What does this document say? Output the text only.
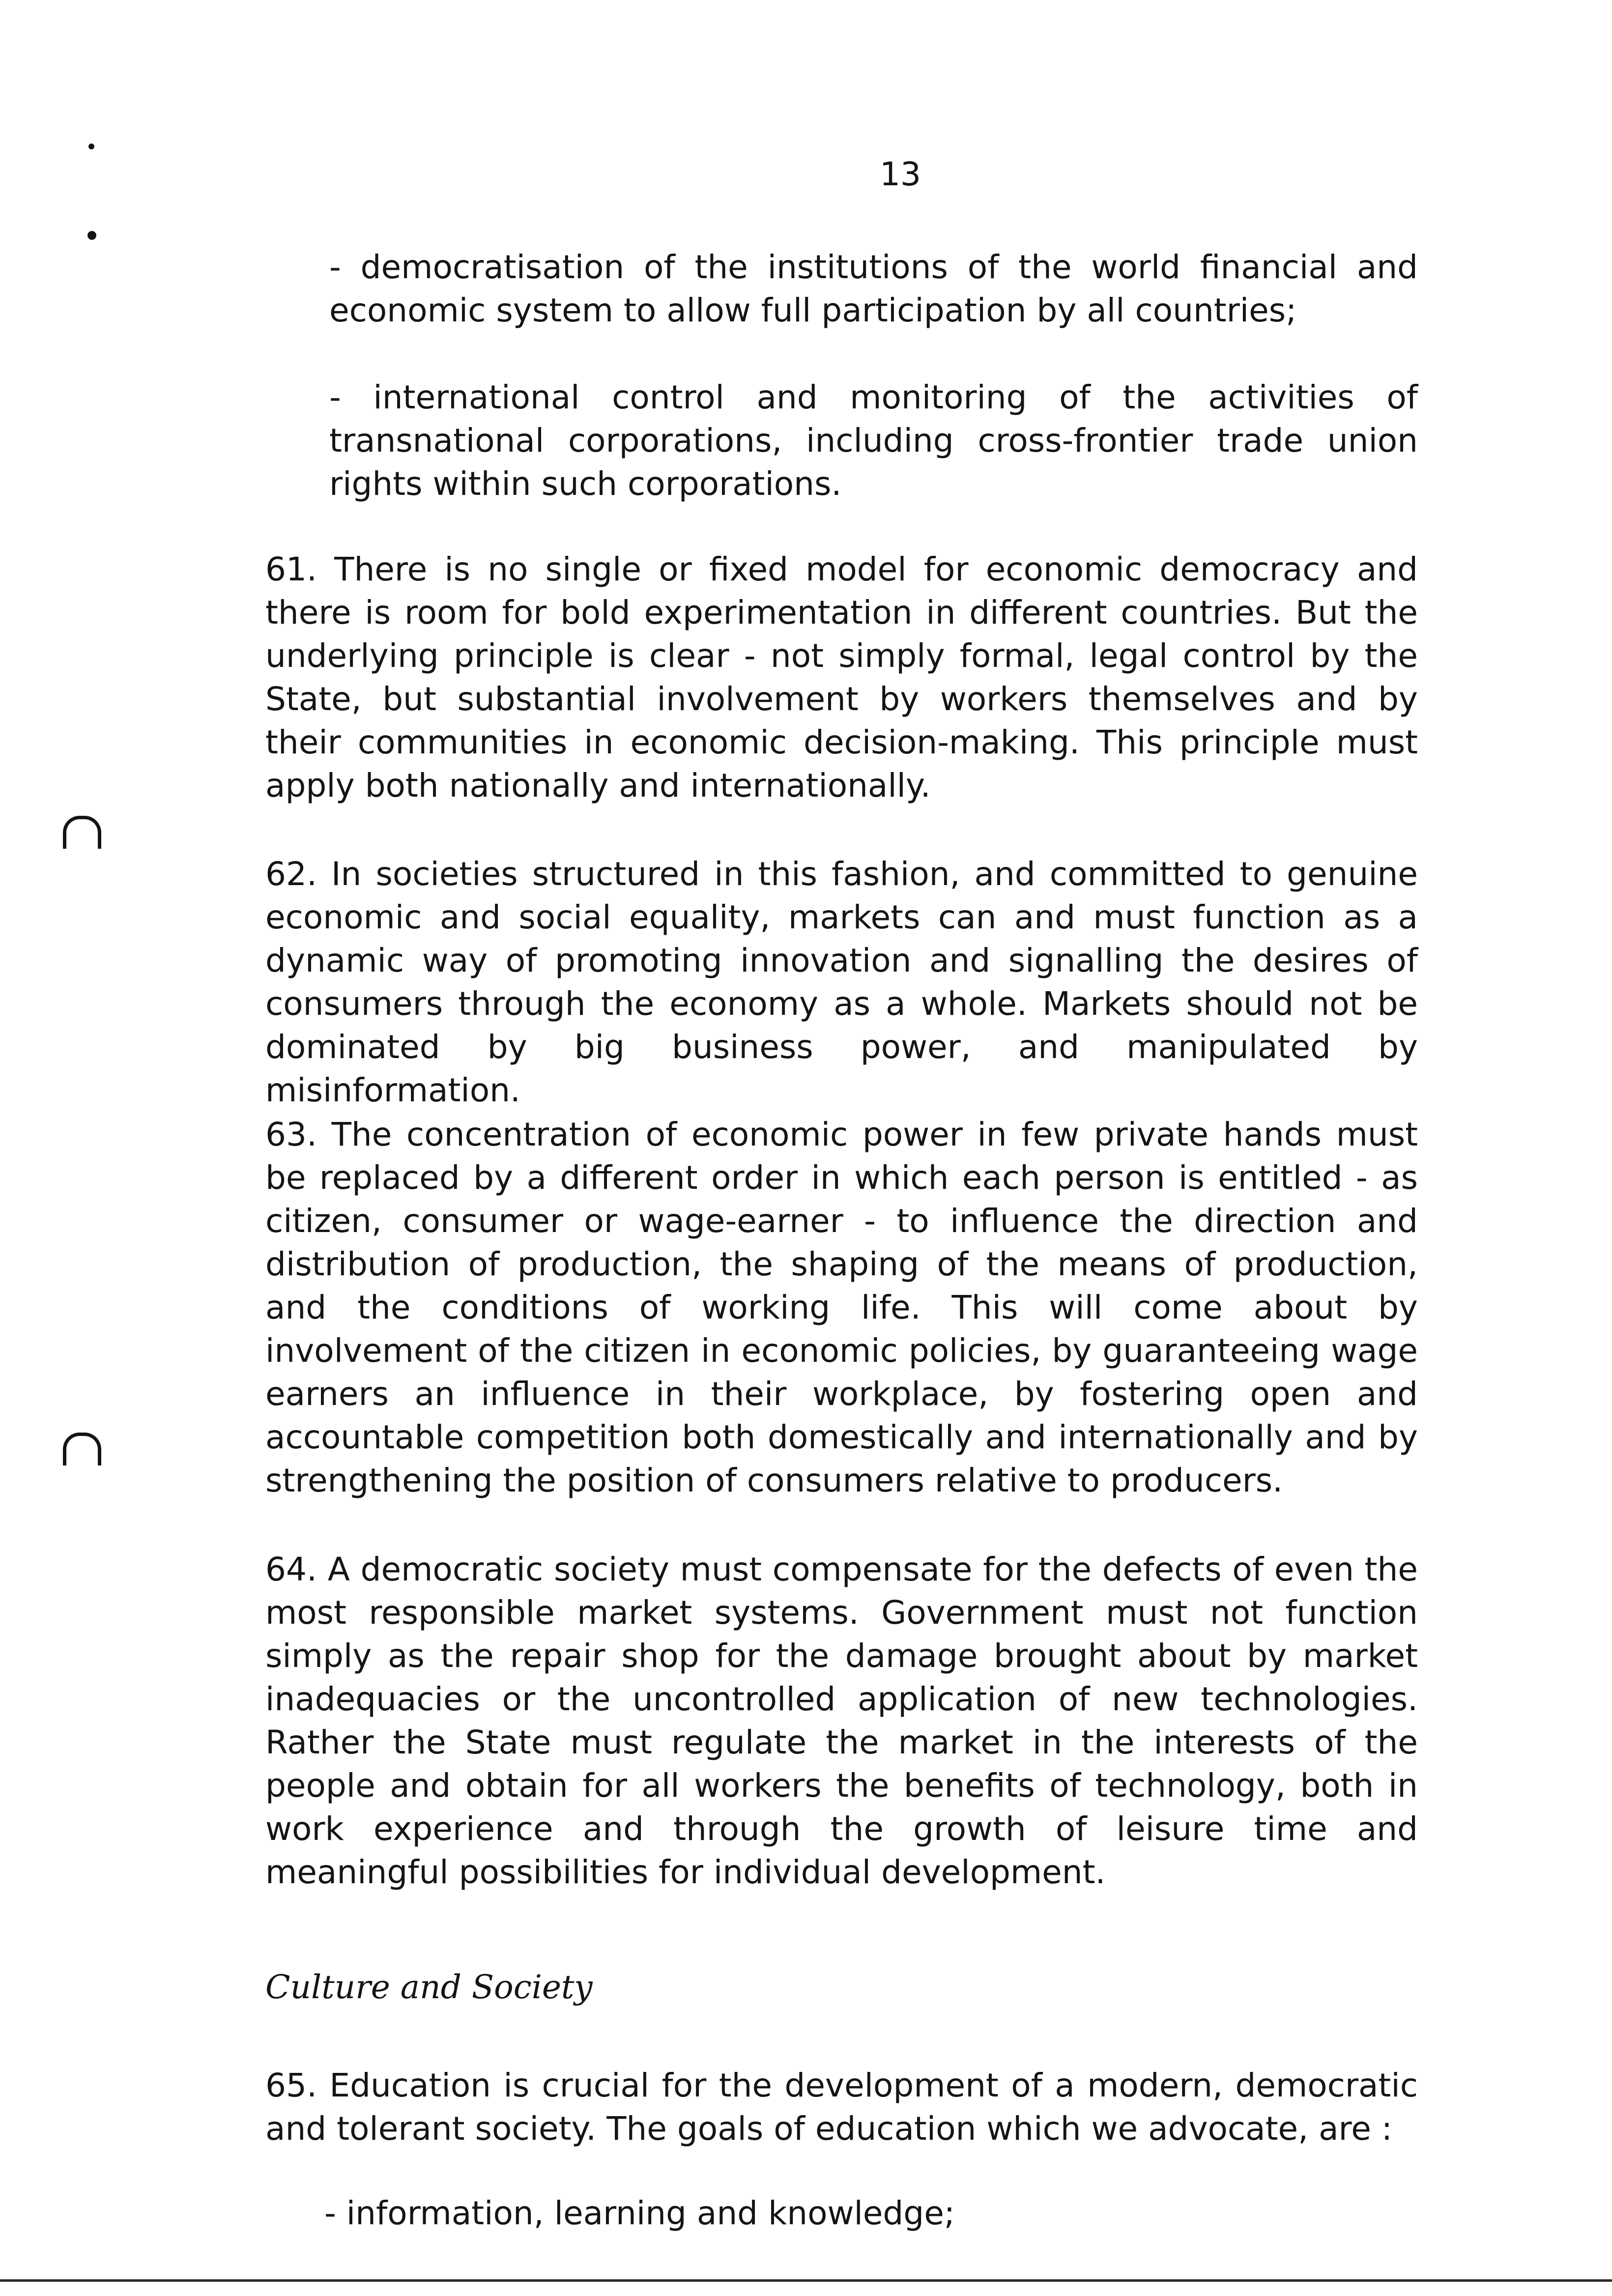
13

- democratisation of the institutions of the world financial and economic system to allow full participation by all countries;

- international control and monitoring of the activities of transnational corporations, including cross-frontier trade union rights within such corporations.

61. There is no single or fixed model for economic democracy and there is room for bold experimentation in different countries. But the underlying principle is clear - not simply formal, legal control by the State, but substantial involvement by workers themselves and by their communities in economic decision-making. This principle must apply both nationally and internationally.

62. In societies structured in this fashion, and committed to genuine economic and social equality, markets can and must function as a dynamic way of promoting innovation and signalling the desires of consumers through the economy as a whole. Markets should not be dominated by big business power, and manipulated by misinformation.

63. The concentration of economic power in few private hands must be replaced by a different order in which each person is entitled - as citizen, consumer or wage-earner - to influence the direction and distribution of production, the shaping of the means of production, and the conditions of working life. This will come about by involvement of the citizen in economic policies, by guaranteeing wage earners an influence in their workplace, by fostering open and accountable competition both domestically and internationally and by strengthening the position of consumers relative to producers.

64. A democratic society must compensate for the defects of even the most responsible market systems. Government must not function simply as the repair shop for the damage brought about by market inadequacies or the uncontrolled application of new technologies. Rather the State must regulate the market in the interests of the people and obtain for all workers the benefits of technology, both in work experience and through the growth of leisure time and meaningful possibilities for individual development.

Culture and Society

65. Education is crucial for the development of a modern, democratic and tolerant society. The goals of education which we advocate, are :

- information, learning and knowledge;
